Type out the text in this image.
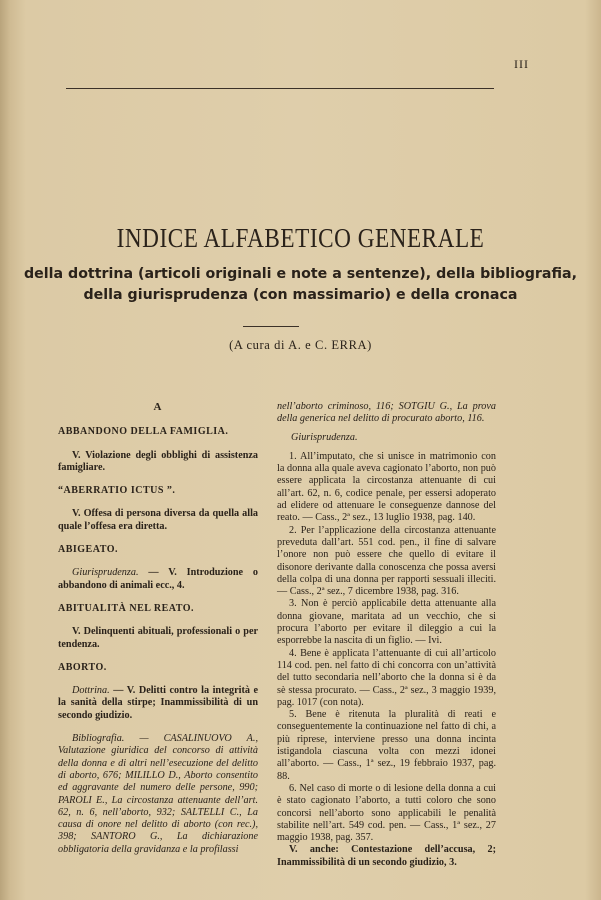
III
INDICE ALFABETICO GENERALE
della dottrina (articoli originali e note a sentenze), della bibliografia,
della giurisprudenza (con massimario) e della cronaca
(A cura di A. e C. ERRA)
A
ABBANDONO DELLA FAMIGLIA.
V. Violazione degli obblighi di assistenza famigliare.
“ABERRATIO ICTUS ”.
V. Offesa di persona diversa da quella alla quale l’offesa era diretta.
ABIGEATO.
Giurisprudenza. — V. Introduzione o abbandono di animali ecc., 4.
ABITUALITÀ NEL REATO.
V. Delinquenti abituali, professionali o per tendenza.
ABORTO.
Dottrina. — V. Delitti contro la integrità e la sanità della stirpe; Inammissibilità di un secondo giudizio.
Bibliografia. — CASALINUOVO A., Valutazione giuridica del concorso di attività della donna e di altri nell’esecuzione del delitto di aborto, 676; MILILLO D., Aborto consentito ed aggravante del numero delle persone, 990; PAROLI E., La circostanza attenuante dell’art. 62, n. 6, nell’aborto, 932; SALTELLI C., La causa di onore nel delitto di aborto (con rec.), 398; SANTORO G., La dichiarazione obbligatoria della gravidanza e la profilassi
nell’aborto criminoso, 116; SOTGIU G., La prova della generica nel delitto di procurato aborto, 116.
Giurisprudenza.
1. All’imputato, che si unisce in matrimonio con la donna alla quale aveva cagionato l’aborto, non può essere applicata la circostanza attenuante di cui all’art. 62, n. 6, codice penale, per essersi adoperato ad elidere od attenuare le conseguenze dannose del reato. — Cass., 2ª sez., 13 luglio 1938, pag. 140.
2. Per l’applicazione della circostanza attenuante preveduta dall’art. 551 cod. pen., il fine di salvare l’onore non può essere che quello di evitare il disonore derivante dalla conoscenza che possa aversi della colpa di una donna per rapporti sessuali illeciti. — Cass., 2ª sez., 7 dicembre 1938, pag. 316.
3. Non è perciò applicabile detta attenuante alla donna giovane, maritata ad un vecchio, che si procura l’aborto per evitare il dileggio a cui la esporrebbe la nascita di un figlio. — Ivi.
4. Bene è applicata l’attenuante di cui all’articolo 114 cod. pen. nel fatto di chi concorra con un’attività del tutto secondaria nell’aborto che la donna si è da sè stessa procurato. — Cass., 2ª sez., 3 maggio 1939, pag. 1017 (con nota).
5. Bene è ritenuta la pluralità di reati e conseguentemente la continuazione nel fatto di chi, a più riprese, interviene presso una donna incinta istigandola ciascuna volta con mezzi idonei all’aborto. — Cass., 1ª sez., 19 febbraio 1937, pag. 88.
6. Nel caso di morte o di lesione della donna a cui è stato cagionato l’aborto, a tutti coloro che sono concorsi nell’aborto sono applicabili le penalità stabilite nell’art. 549 cod. pen. — Cass., 1ª sez., 27 maggio 1938, pag. 357.
V. anche: Contestazione dell’accusa, 2; Inammissibilità di un secondo giudizio, 3.
